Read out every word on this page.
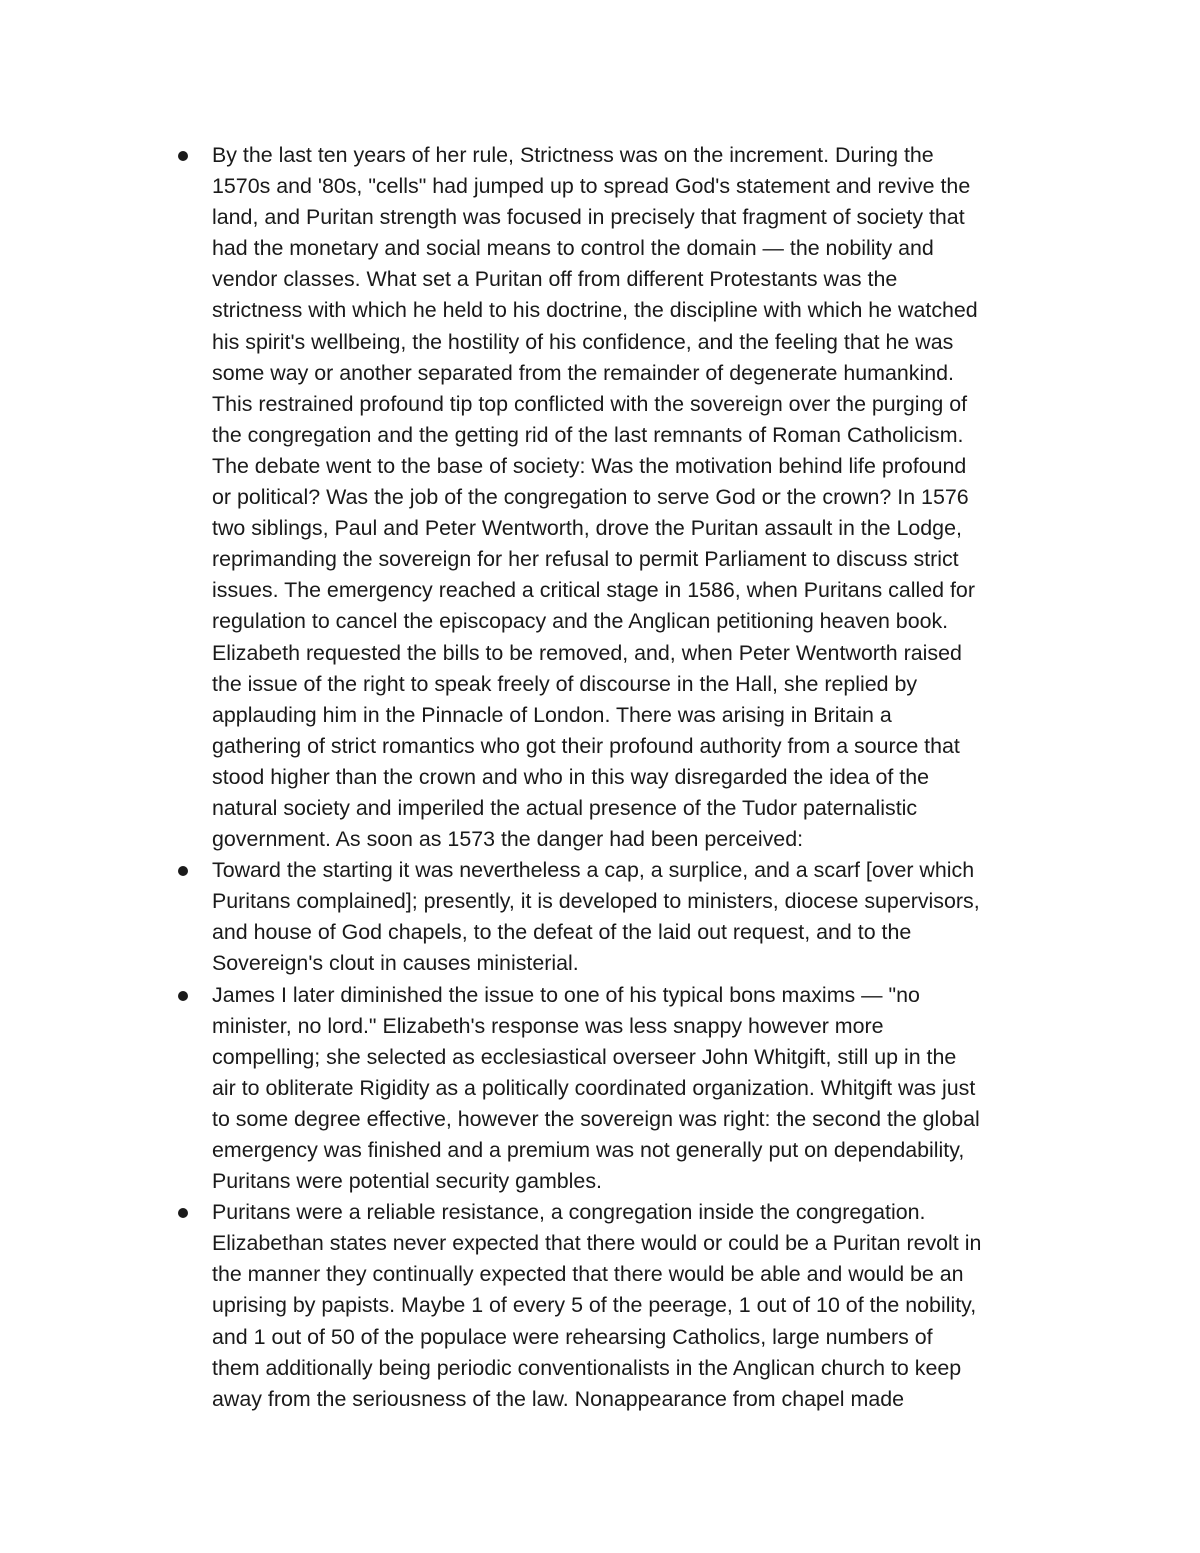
By the last ten years of her rule, Strictness was on the increment. During the
1570s and '80s, "cells" had jumped up to spread God's statement and revive the
land, and Puritan strength was focused in precisely that fragment of society that
had the monetary and social means to control the domain — the nobility and
vendor classes. What set a Puritan off from different Protestants was the
strictness with which he held to his doctrine, the discipline with which he watched
his spirit's wellbeing, the hostility of his confidence, and the feeling that he was
some way or another separated from the remainder of degenerate humankind.
This restrained profound tip top conflicted with the sovereign over the purging of
the congregation and the getting rid of the last remnants of Roman Catholicism.
The debate went to the base of society: Was the motivation behind life profound
or political? Was the job of the congregation to serve God or the crown? In 1576
two siblings, Paul and Peter Wentworth, drove the Puritan assault in the Lodge,
reprimanding the sovereign for her refusal to permit Parliament to discuss strict
issues. The emergency reached a critical stage in 1586, when Puritans called for
regulation to cancel the episcopacy and the Anglican petitioning heaven book.
Elizabeth requested the bills to be removed, and, when Peter Wentworth raised
the issue of the right to speak freely of discourse in the Hall, she replied by
applauding him in the Pinnacle of London. There was arising in Britain a
gathering of strict romantics who got their profound authority from a source that
stood higher than the crown and who in this way disregarded the idea of the
natural society and imperiled the actual presence of the Tudor paternalistic
government. As soon as 1573 the danger had been perceived:
Toward the starting it was nevertheless a cap, a surplice, and a scarf [over which
Puritans complained]; presently, it is developed to ministers, diocese supervisors,
and house of God chapels, to the defeat of the laid out request, and to the
Sovereign's clout in causes ministerial.
James I later diminished the issue to one of his typical bons maxims — "no
minister, no lord." Elizabeth's response was less snappy however more
compelling; she selected as ecclesiastical overseer John Whitgift, still up in the
air to obliterate Rigidity as a politically coordinated organization. Whitgift was just
to some degree effective, however the sovereign was right: the second the global
emergency was finished and a premium was not generally put on dependability,
Puritans were potential security gambles.
Puritans were a reliable resistance, a congregation inside the congregation.
Elizabethan states never expected that there would or could be a Puritan revolt in
the manner they continually expected that there would be able and would be an
uprising by papists. Maybe 1 of every 5 of the peerage, 1 out of 10 of the nobility,
and 1 out of 50 of the populace were rehearsing Catholics, large numbers of
them additionally being periodic conventionalists in the Anglican church to keep
away from the seriousness of the law. Nonappearance from chapel made
